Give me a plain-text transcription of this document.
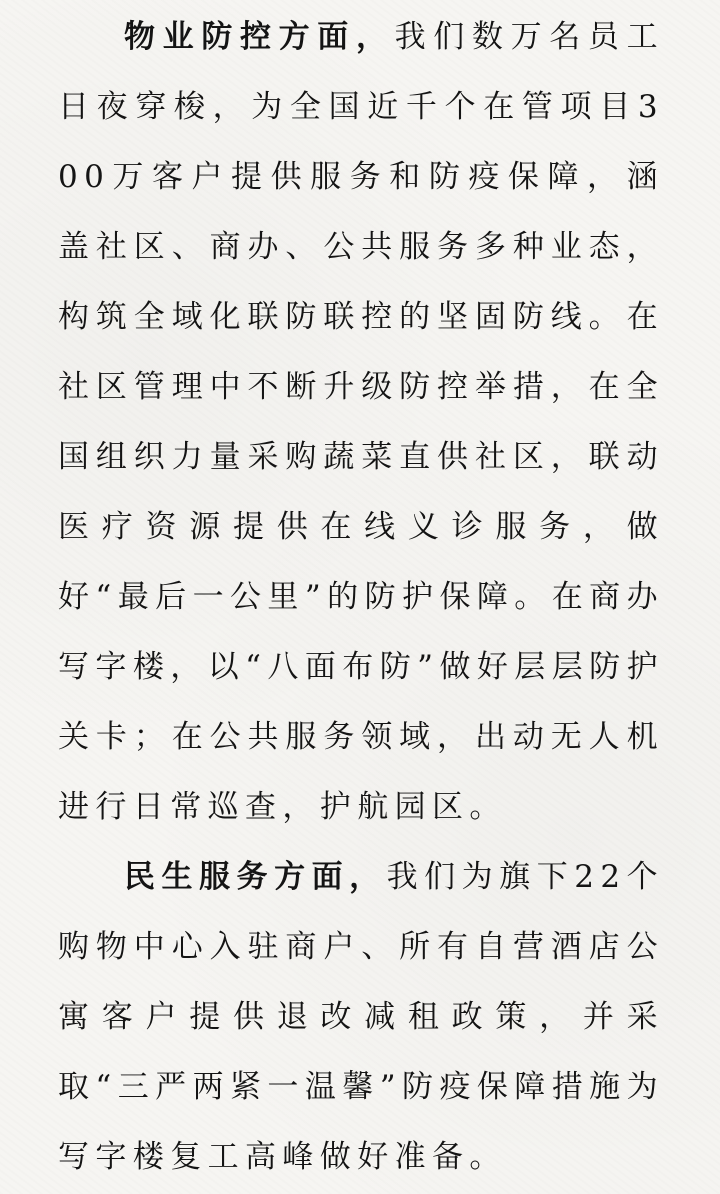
物业防控方面，我们数万名员工日夜穿梭，为全国近千个在管项目300万客户提供服务和防疫保障，涵盖社区、商办、公共服务多种业态，构筑全域化联防联控的坚固防线。在社区管理中不断升级防控举措，在全国组织力量采购蔬菜直供社区，联动医疗资源提供在线义诊服务，做好“最后一公里”的防护保障。在商办写字楼，以“八面布防”做好层层防护关卡；在公共服务领域，出动无人机进行日常巡查，护航园区。

民生服务方面，我们为旗下22个购物中心入驻商户、所有自营酒店公寓客户提供退改减租政策，并采取“三严两紧一温馨”防疫保障措施为写字楼复工高峰做好准备。
